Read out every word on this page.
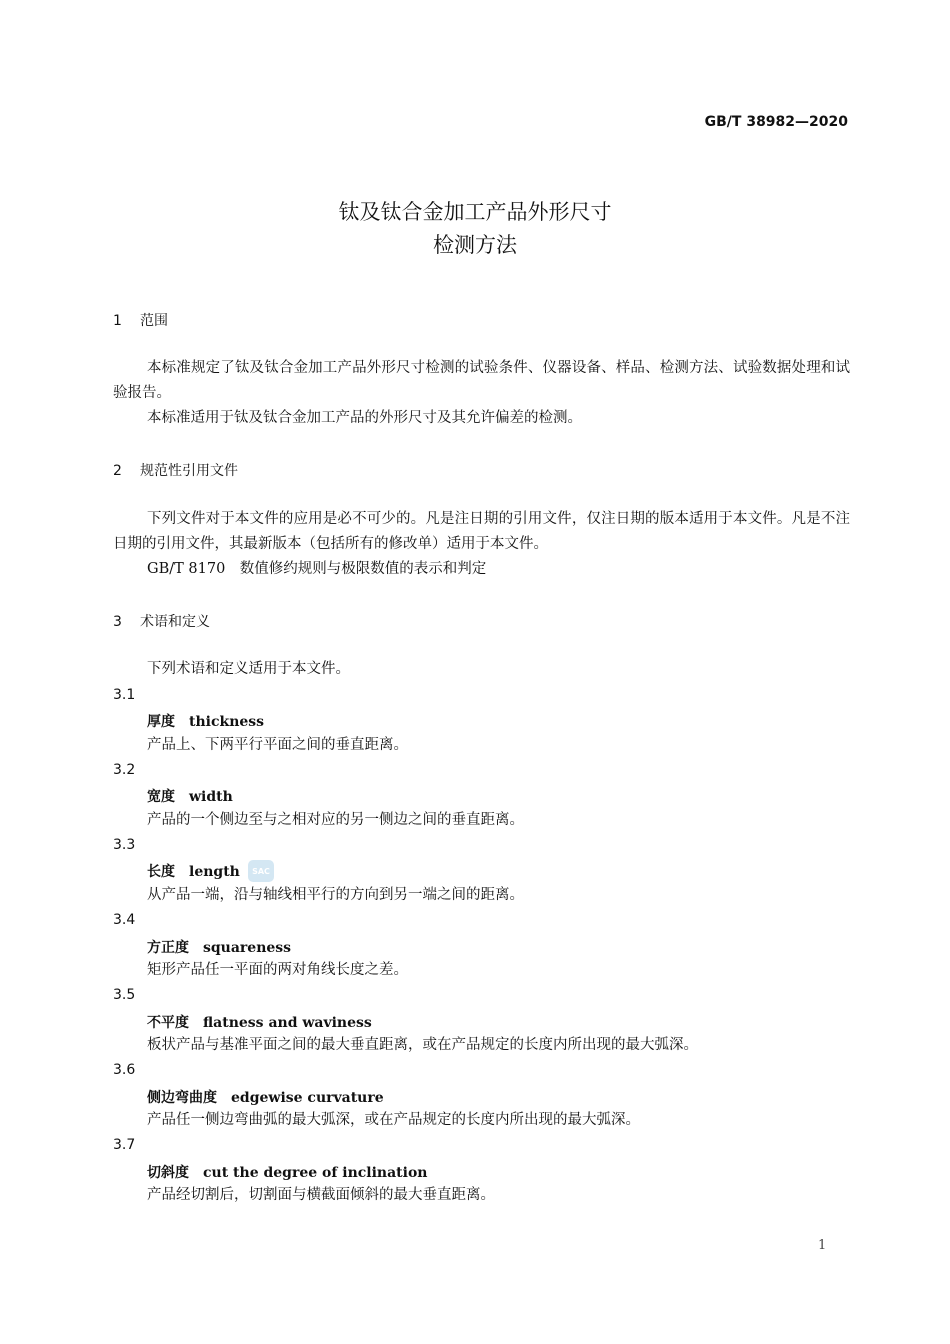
GB/T 38982—2020
钛及钛合金加工产品外形尺寸
检测方法
1 范围
本标准规定了钛及钛合金加工产品外形尺寸检测的试验条件、仪器设备、样品、检测方法、试验数据处理和试验报告。
本标准适用于钛及钛合金加工产品的外形尺寸及其允许偏差的检测。
2 规范性引用文件
下列文件对于本文件的应用是必不可少的。凡是注日期的引用文件，仅注日期的版本适用于本文件。凡是不注日期的引用文件，其最新版本（包括所有的修改单）适用于本文件。
GB/T 8170　数值修约规则与极限数值的表示和判定
3 术语和定义
下列术语和定义适用于本文件。
3.1
厚度 thickness
产品上、下两平行平面之间的垂直距离。
3.2
宽度 width
产品的一个侧边至与之相对应的另一侧边之间的垂直距离。
3.3
长度 length	SAC
从产品一端，沿与轴线相平行的方向到另一端之间的距离。
3.4
方正度 squareness
矩形产品任一平面的两对角线长度之差。
3.5
不平度 flatness and waviness
板状产品与基准平面之间的最大垂直距离，或在产品规定的长度内所出现的最大弧深。
3.6
侧边弯曲度 edgewise curvature
产品任一侧边弯曲弧的最大弧深，或在产品规定的长度内所出现的最大弧深。
3.7
切斜度 cut the degree of inclination
产品经切割后，切割面与横截面倾斜的最大垂直距离。
1
